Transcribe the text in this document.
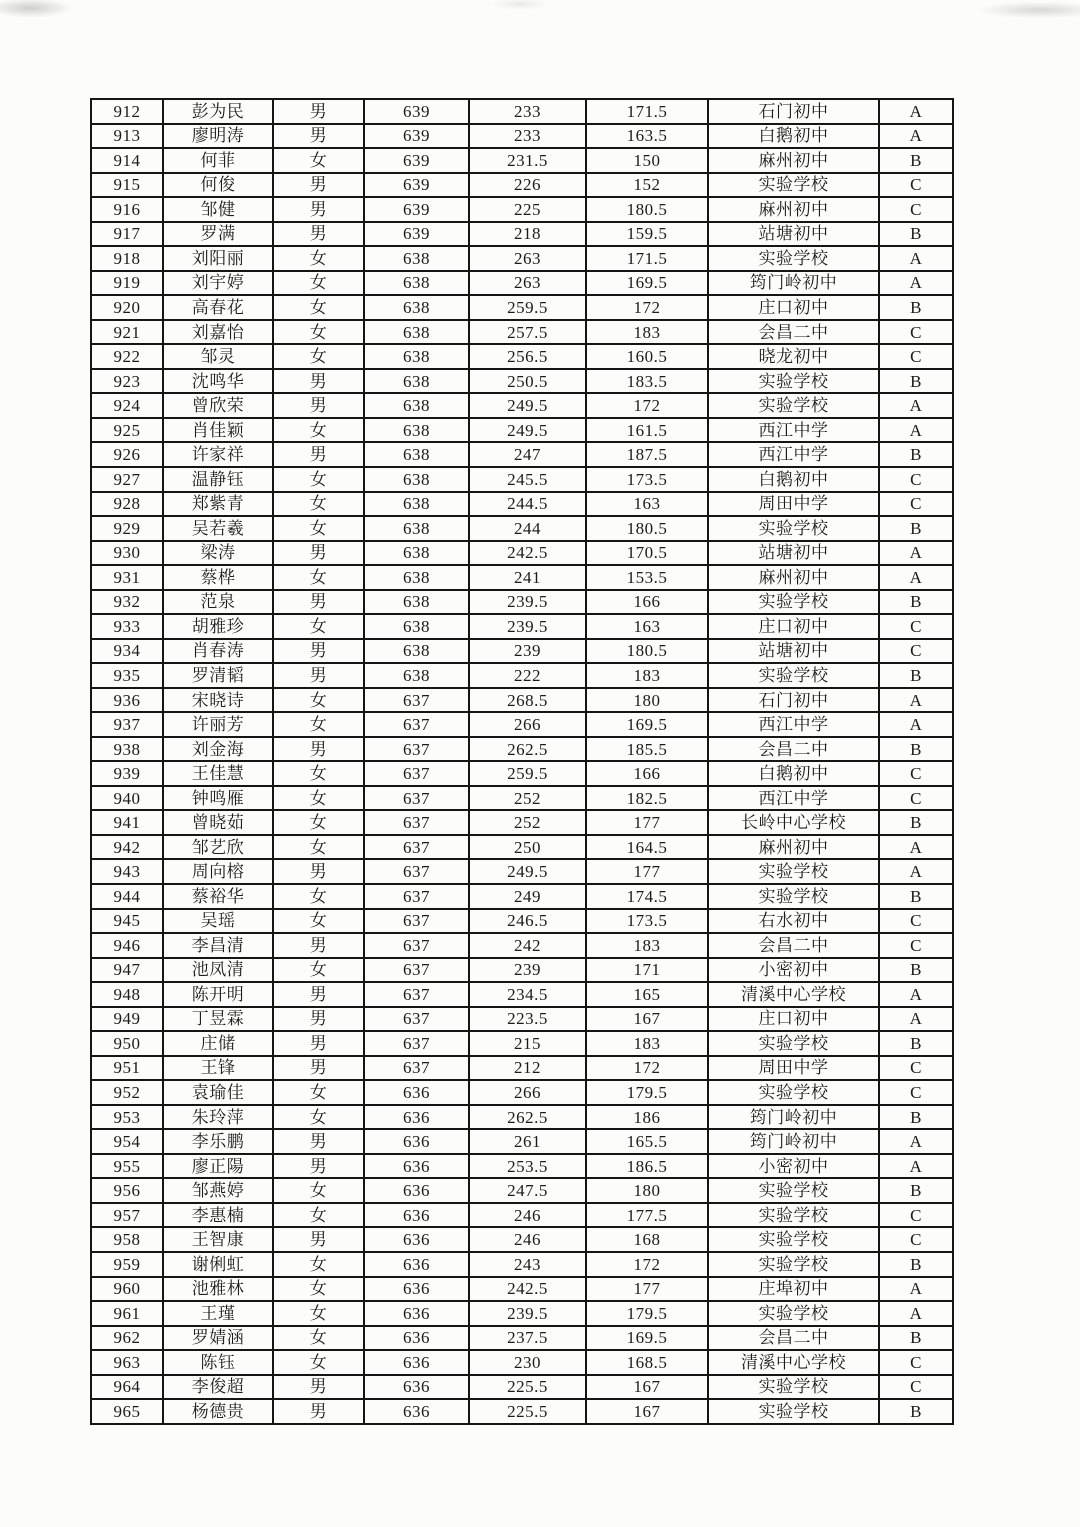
912	彭为民	男	639	233	171.5	石门初中	A
913	廖明涛	男	639	233	163.5	白鹅初中	A
914	何菲	女	639	231.5	150	麻州初中	B
915	何俊	男	639	226	152	实验学校	C
916	邹健	男	639	225	180.5	麻州初中	C
917	罗满	男	639	218	159.5	站塘初中	B
918	刘阳丽	女	638	263	171.5	实验学校	A
919	刘宇婷	女	638	263	169.5	筠门岭初中	A
920	高春花	女	638	259.5	172	庄口初中	B
921	刘嘉怡	女	638	257.5	183	会昌二中	C
922	邹灵	女	638	256.5	160.5	晓龙初中	C
923	沈鸣华	男	638	250.5	183.5	实验学校	B
924	曾欣荣	男	638	249.5	172	实验学校	A
925	肖佳颖	女	638	249.5	161.5	西江中学	A
926	许家祥	男	638	247	187.5	西江中学	B
927	温静钰	女	638	245.5	173.5	白鹅初中	C
928	郑紫青	女	638	244.5	163	周田中学	C
929	吴若羲	女	638	244	180.5	实验学校	B
930	梁涛	男	638	242.5	170.5	站塘初中	A
931	蔡桦	女	638	241	153.5	麻州初中	A
932	范泉	男	638	239.5	166	实验学校	B
933	胡雅珍	女	638	239.5	163	庄口初中	C
934	肖春涛	男	638	239	180.5	站塘初中	C
935	罗清韬	男	638	222	183	实验学校	B
936	宋晓诗	女	637	268.5	180	石门初中	A
937	许丽芳	女	637	266	169.5	西江中学	A
938	刘金海	男	637	262.5	185.5	会昌二中	B
939	王佳慧	女	637	259.5	166	白鹅初中	C
940	钟鸣雁	女	637	252	182.5	西江中学	C
941	曾晓茹	女	637	252	177	长岭中心学校	B
942	邹艺欣	女	637	250	164.5	麻州初中	A
943	周向榕	男	637	249.5	177	实验学校	A
944	蔡裕华	女	637	249	174.5	实验学校	B
945	吴瑶	女	637	246.5	173.5	右水初中	C
946	李昌清	男	637	242	183	会昌二中	C
947	池凤清	女	637	239	171	小密初中	B
948	陈开明	男	637	234.5	165	清溪中心学校	A
949	丁昱霖	男	637	223.5	167	庄口初中	A
950	庄储	男	637	215	183	实验学校	B
951	王锋	男	637	212	172	周田中学	C
952	袁瑜佳	女	636	266	179.5	实验学校	C
953	朱玲萍	女	636	262.5	186	筠门岭初中	B
954	李乐鹏	男	636	261	165.5	筠门岭初中	A
955	廖正陽	男	636	253.5	186.5	小密初中	A
956	邹燕婷	女	636	247.5	180	实验学校	B
957	李惠楠	女	636	246	177.5	实验学校	C
958	王智康	男	636	246	168	实验学校	C
959	谢俐虹	女	636	243	172	实验学校	B
960	池雅林	女	636	242.5	177	庄埠初中	A
961	王瑾	女	636	239.5	179.5	实验学校	A
962	罗婧涵	女	636	237.5	169.5	会昌二中	B
963	陈钰	女	636	230	168.5	清溪中心学校	C
964	李俊超	男	636	225.5	167	实验学校	C
965	杨德贵	男	636	225.5	167	实验学校	B
